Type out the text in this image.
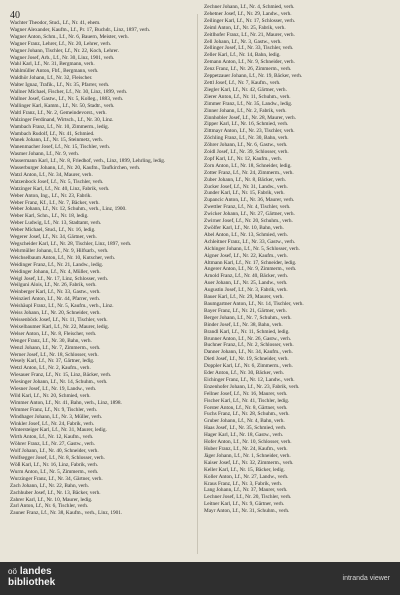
40

Wachter Theodor, Stud., Lf., Nr. 41, ehem.

Wagner Alexander, Kaufm., Lf., Pr. 17, Buchdr., Linz, 1897, verh.

Wagner Anton, Schm., Lf., Nr. 6, Bauern, Meister, verh.

Wagner Franz, Lehrer, Lf., Nr. 20, Lehrer, verh.

Wagner Johann, Tischler, Lf., Nr. 22, Koch, Lehrer.

Wagner Josef, Arb., Lf., Nr. 30, Linz, 1901, verh.

Wahl Karl, Lf., Nr. 31, Bergmann, verh.

Wahlmüller Anton, Fbf., Bergmann, verh.

Waldhör Johann, Lf., Nr. 32, Fleischer.

Walter Ignaz, Trafik., Lf., Nr. 35, Pfarrer, verh.

Wallner Michael, Fischer, Lf., Nr. 30, Linz, 1899, verh.

Wallner Josef, Gastw., Lf., Nr. 5, Kolleg., 1883, verh.

Wallinger Karl, Kamm., Lf., Nr. 50, Stadtr., verh.

Waltl Franz, Lf., Nr. 2, Gemeindevorst., verh.

Walzinger Ferdinand, Wirtsch., Lf., Nr. 30, Linz.

Wambach Franz, Lf., Nr. 10, Zimmerm., ledig.

Wambach Rudolf, Lf., Nr. 41, Schmied.

Wanek Johann, Lf., Nr. 15, Steinmetz, verh.

Wanenmacher Josef, Lf., Nr. 15, Tischler, verh.

Wasmer Johann, Lf., Nr. 9, verh.

Wassermann Karl, Lf., Nr. 8, Friedhof, verh., Linz, 1899, Lehrling, ledig.

Wasserburger Johann, Lf., Nr. 20, Kaufm., Taufkirchen, verh.

Watzl Anton, Lf., Nr. 34, Maurer, verh.

Watzenbock Josef, Lf., Nr. 5, Tischler, verh.

Watzinger Karl, Lf., Nr. 40, Linz, Fabrik, verh.

Weber Anton, Ing., Lf., Nr. 23, Fabrik.

Weber Franz, Kf., Lf., Nr. 7, Bäcker, verh.

Weber Johann, Lf., Nr. 12, Schuhm., verh., Linz, 1900.

Weber Karl, Schn., Lf., Nr. 18, ledig.

Weber Ludwig, Lf., Nr. 13, Stadtamt, verh.

Weber Michael, Stud., Lf., Nr. 16, ledig.

Wegerer Josef, Lf., Nr. 34, Gärtner, verh.

Wegscheider Karl, Lf., Nr. 28, Tischler, Linz, 1897, verh.

Wehrmüller Johann, Lf., Nr. 9, Hilfsarb., verh.

Weichselbaum Anton, Lf., Nr. 10, Kutscher, verh.

Weidinger Franz, Lf., Nr. 21, Landw., ledig.

Weidinger Johann, Lf., Nr. 4, Müller, verh.

Weigl Josef, Lf., Nr. 17, Linz, Schlosser, verh.

Weilguni Alois, Lf., Nr. 26, Fabrik, verh.

Weinberger Karl, Lf., Nr. 33, Gastw., verh.

Weinzierl Anton, Lf., Nr. 44, Pfarrer, verh.

Weishäupl Franz, Lf., Nr. 5, Kaufm., verh., Linz.

Weiss Johann, Lf., Nr. 20, Schneider, verh.

Weissenböck Josef, Lf., Nr. 11, Tischler, verh.

Weixelbaumer Karl, Lf., Nr. 22, Maurer, ledig.

Welser Anton, Lf., Nr. 8, Fleischer, verh.

Wenger Franz, Lf., Nr. 30, Bahn, verh.

Wenzl Johann, Lf., Nr. 7, Zimmerm., verh.

Werner Josef, Lf., Nr. 18, Schlosser, verh.

Wesely Karl, Lf., Nr. 37, Gärtner, ledig.

Wetzl Anton, Lf., Nr. 2, Kaufm., verh.

Wiesauer Franz, Lf., Nr. 15, Linz, Bäcker, verh.

Wiesinger Johann, Lf., Nr. 14, Schuhm., verh.

Wiesner Josef, Lf., Nr. 19, Landw., verh.

Wild Karl, Lf., Nr. 20, Schmied, verh.

Wimmer Anton, Lf., Nr. 41, Bahn, verh., Linz, 1898.

Wimmer Franz, Lf., Nr. 9, Tischler, verh.

Windhager Johann, Lf., Nr. 3, Müller, verh.

Winkler Josef, Lf., Nr. 24, Fabrik, verh.

Wintersteiger Karl, Lf., Nr. 31, Maurer, ledig.

Wirth Anton, Lf., Nr. 12, Kaufm., verh.

Wöhrer Franz, Lf., Nr. 27, Gastw., verh.

Wolf Johann, Lf., Nr. 40, Schneider, verh.

Wolfsegger Josef, Lf., Nr. 8, Schlosser, verh.

Wöß Karl, Lf., Nr. 16, Linz, Fabrik, verh.

Wurm Anton, Lf., Nr. 5, Zimmerm., verh.

Wurzinger Franz, Lf., Nr. 34, Gärtner, verh.

Zach Johann, Lf., Nr. 22, Bahn, verh.

Zachhuber Josef, Lf., Nr. 13, Bäcker, verh.

Zahrer Karl, Lf., Nr. 10, Maurer, ledig.

Zarl Anton, Lf., Nr. 6, Tischler, verh.

Zauner Franz, Lf., Nr. 38, Kaufm., verh., Linz, 1901.

Zechner Johann, Lf., Nr. 4, Schmied, verh.

Zehetner Josef, Lf., Nr. 29, Landw., verh.

Zeilinger Karl, Lf., Nr. 17, Schlosser, verh.

Zeiml Anton, Lf., Nr. 25, Fabrik, verh.

Zeitlhofer Franz, Lf., Nr. 21, Maurer, verh.

Zell Johann, Lf., Nr. 3, Gastw., verh.

Zellinger Josef, Lf., Nr. 33, Tischler, verh.

Zeller Karl, Lf., Nr. 14, Bahn, ledig.

Zemann Anton, Lf., Nr. 9, Schneider, verh.

Zenz Franz, Lf., Nr. 26, Zimmerm., verh.

Zeppetzauer Johann, Lf., Nr. 19, Bäcker, verh.

Zettl Josef, Lf., Nr. 7, Kaufm., verh.

Ziegler Karl, Lf., Nr. 42, Gärtner, verh.

Zierer Anton, Lf., Nr. 11, Schuhm., verh.

Zimmer Franz, Lf., Nr. 35, Landw., ledig.

Zinner Johann, Lf., Nr. 2, Fabrik, verh.

Zinnhobler Josef, Lf., Nr. 28, Maurer, verh.

Zipper Karl, Lf., Nr. 16, Schmied, verh.

Zittmayr Anton, Lf., Nr. 23, Tischler, verh.

Zöchling Franz, Lf., Nr. 30, Bahn, verh.

Zöhrer Johann, Lf., Nr. 6, Gastw., verh.

Zoidl Josef, Lf., Nr. 39, Schlosser, verh.

Zopf Karl, Lf., Nr. 12, Kaufm., verh.

Zorn Anton, Lf., Nr. 18, Schneider, ledig.

Zotter Franz, Lf., Nr. 24, Zimmerm., verh.

Zuber Johann, Lf., Nr. 8, Bäcker, verh.

Zucker Josef, Lf., Nr. 31, Landw., verh.

Zunder Karl, Lf., Nr. 15, Fabrik, verh.

Zupancic Anton, Lf., Nr. 36, Maurer, verh.

Zwettler Franz, Lf., Nr. 4, Tischler, verh.

Zwicker Johann, Lf., Nr. 27, Gärtner, verh.

Zwirner Josef, Lf., Nr. 20, Schuhm., verh.

Zwölfer Karl, Lf., Nr. 10, Bahn, verh.

Abel Anton, Lf., Nr. 13, Schmied, verh.

Achleitner Franz, Lf., Nr. 33, Gastw., verh.

Aichinger Johann, Lf., Nr. 5, Schlosser, verh.

Aigner Josef, Lf., Nr. 22, Kaufm., verh.

Altmann Karl, Lf., Nr. 17, Schneider, ledig.

Angerer Anton, Lf., Nr. 9, Zimmerm., verh.

Arnold Franz, Lf., Nr. 40, Bäcker, verh.

Auer Johann, Lf., Nr. 25, Landw., verh.

Augustin Josef, Lf., Nr. 3, Fabrik, verh.

Bauer Karl, Lf., Nr. 29, Maurer, verh.

Baumgartner Anton, Lf., Nr. 14, Tischler, verh.

Bayer Franz, Lf., Nr. 21, Gärtner, verh.

Berger Johann, Lf., Nr. 7, Schuhm., verh.

Binder Josef, Lf., Nr. 38, Bahn, verh.

Brandl Karl, Lf., Nr. 11, Schmied, ledig.

Brunner Anton, Lf., Nr. 26, Gastw., verh.

Buchner Franz, Lf., Nr. 2, Schlosser, verh.

Danner Johann, Lf., Nr. 34, Kaufm., verh.

Dietl Josef, Lf., Nr. 19, Schneider, verh.

Doppler Karl, Lf., Nr. 6, Zimmerm., verh.

Eder Anton, Lf., Nr. 30, Bäcker, verh.

Eichinger Franz, Lf., Nr. 12, Landw., verh.

Enzenhofer Johann, Lf., Nr. 23, Fabrik, verh.

Fellner Josef, Lf., Nr. 16, Maurer, verh.

Fischer Karl, Lf., Nr. 41, Tischler, ledig.

Forster Anton, Lf., Nr. 8, Gärtner, verh.

Fuchs Franz, Lf., Nr. 28, Schuhm., verh.

Gruber Johann, Lf., Nr. 4, Bahn, verh.

Haas Josef, Lf., Nr. 35, Schmied, verh.

Hager Karl, Lf., Nr. 18, Gastw., verh.

Hofer Anton, Lf., Nr. 10, Schlosser, verh.

Huber Franz, Lf., Nr. 24, Kaufm., verh.

Jäger Johann, Lf., Nr. 1, Schneider, verh.

Kaiser Josef, Lf., Nr. 32, Zimmerm., verh.

Keller Karl, Lf., Nr. 15, Bäcker, ledig.

Koller Anton, Lf., Nr. 27, Landw., verh.

Kraus Franz, Lf., Nr. 3, Fabrik, verh.

Lang Johann, Lf., Nr. 37, Maurer, verh.

Lechner Josef, Lf., Nr. 20, Tischler, verh.

Leitner Karl, Lf., Nr. 9, Gärtner, verh.

Mayr Anton, Lf., Nr. 31, Schuhm., verh.

oö landes
bibliothek	intranda viewer
